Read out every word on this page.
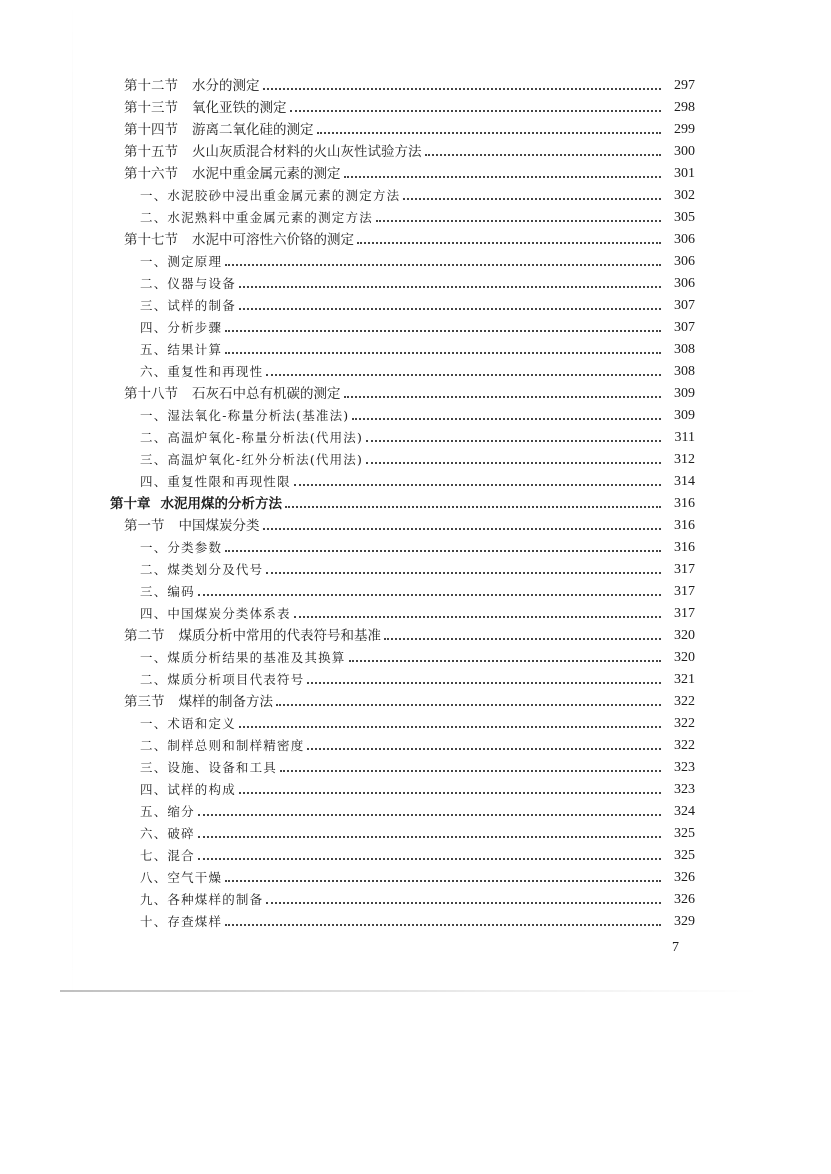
第十二节 水分的测定	297
第十三节 氧化亚铁的测定	298
第十四节 游离二氧化硅的测定	299
第十五节 火山灰质混合材料的火山灰性试验方法	300
第十六节 水泥中重金属元素的测定	301
一、水泥胶砂中浸出重金属元素的测定方法	302
二、水泥熟料中重金属元素的测定方法	305
第十七节 水泥中可溶性六价铬的测定	306
一、测定原理	306
二、仪器与设备	306
三、试样的制备	307
四、分析步骤	307
五、结果计算	308
六、重复性和再现性	308
第十八节 石灰石中总有机碳的测定	309
一、湿法氧化-称量分析法(基准法)	309
二、高温炉氧化-称量分析法(代用法)	311
三、高温炉氧化-红外分析法(代用法)	312
四、重复性限和再现性限	314
第十章 水泥用煤的分析方法	316
第一节 中国煤炭分类	316
一、分类参数	316
二、煤类划分及代号	317
三、编码	317
四、中国煤炭分类体系表	317
第二节 煤质分析中常用的代表符号和基准	320
一、煤质分析结果的基准及其换算	320
二、煤质分析项目代表符号	321
第三节 煤样的制备方法	322
一、术语和定义	322
二、制样总则和制样精密度	322
三、设施、设备和工具	323
四、试样的构成	323
五、缩分	324
六、破碎	325
七、混合	325
八、空气干燥	326
九、各种煤样的制备	326
十、存查煤样	329
7
